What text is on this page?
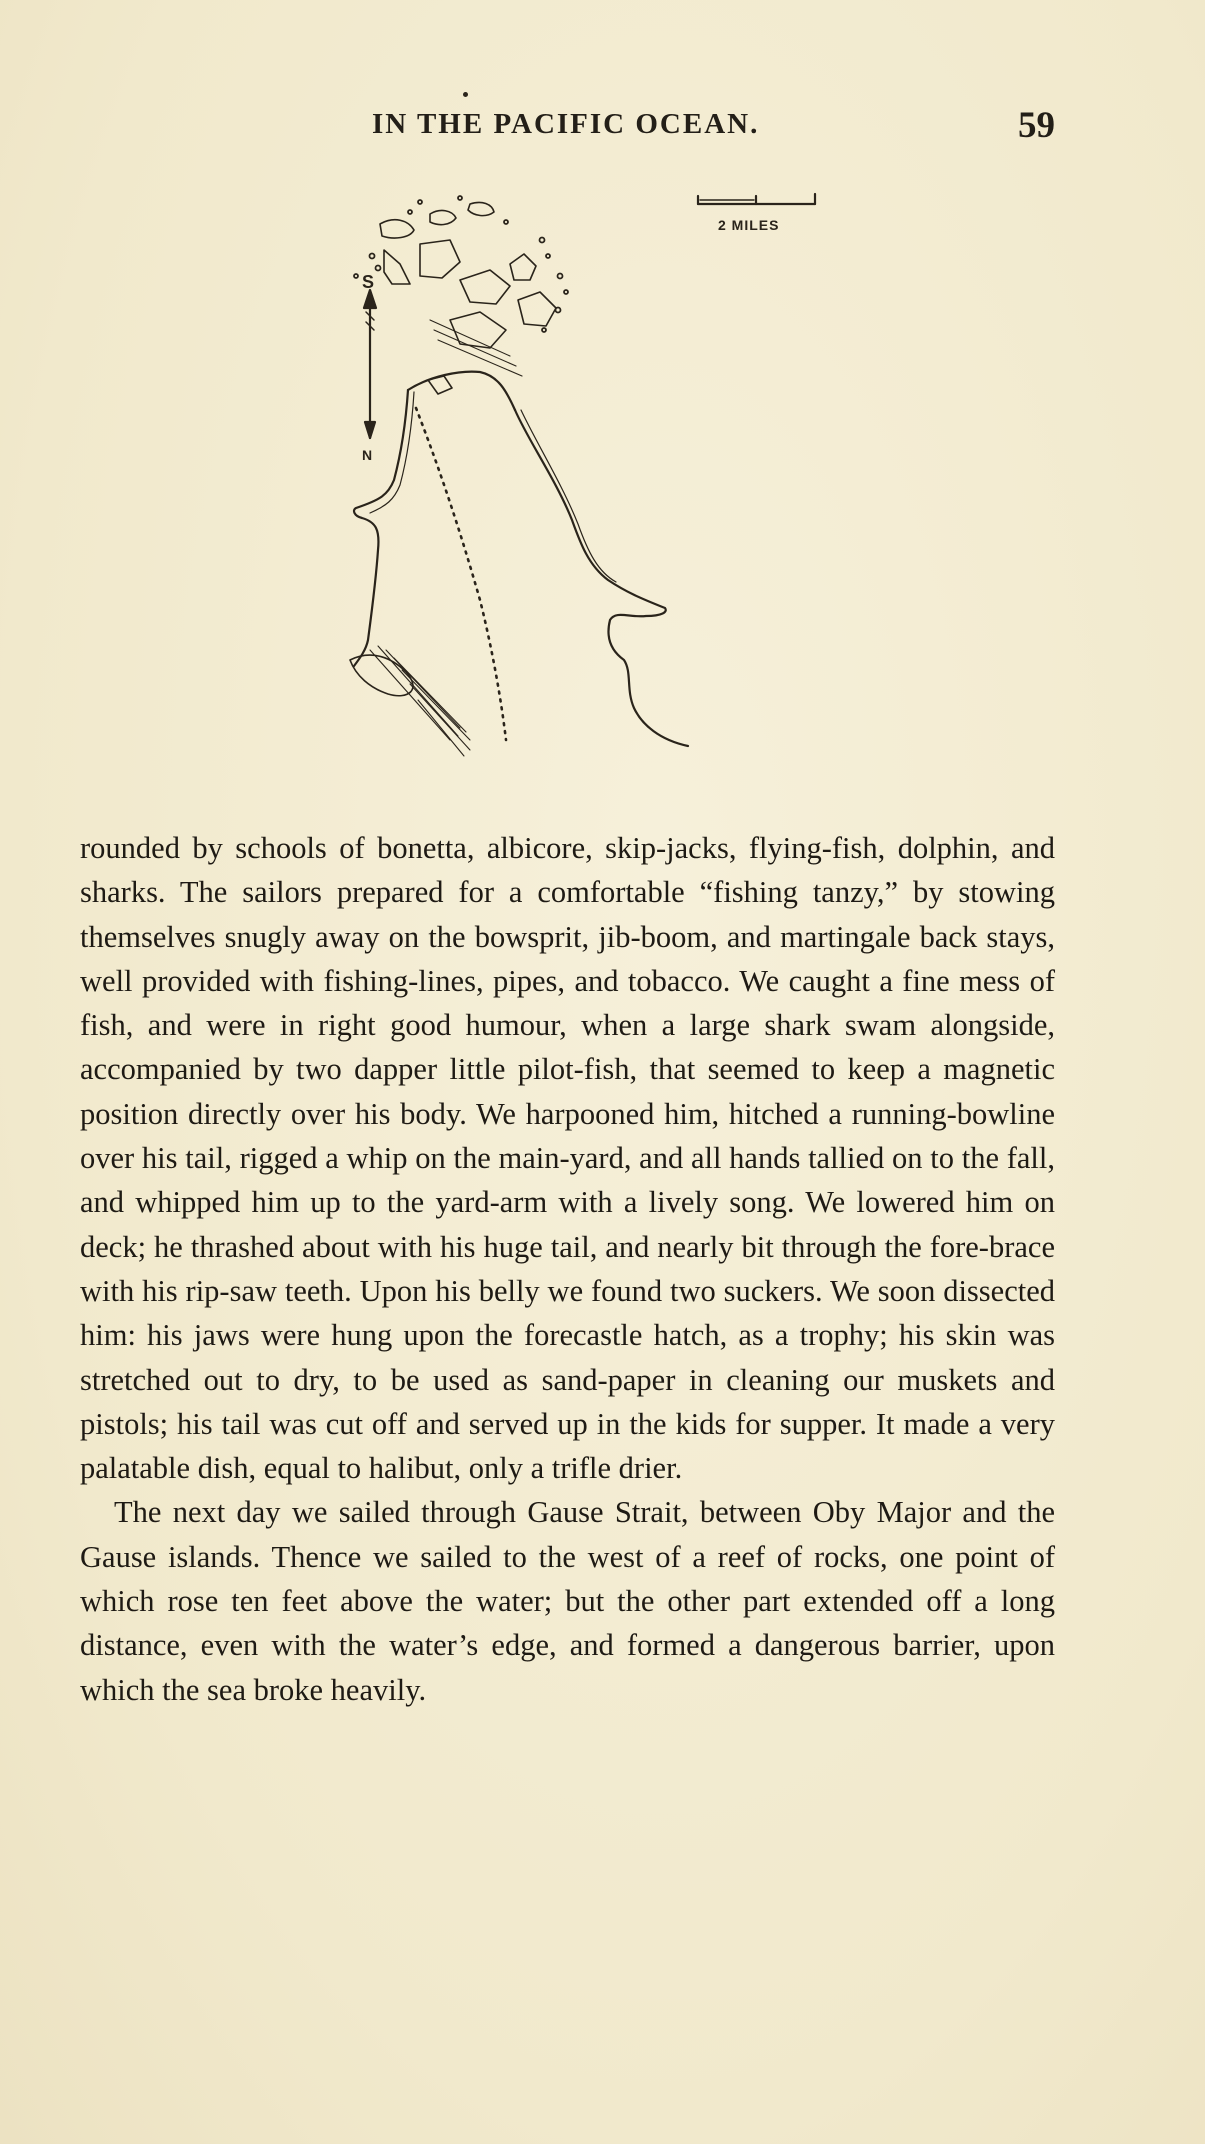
IN THE PACIFIC OCEAN.	59
2 MILES
S
N

rounded by schools of bonetta, albicore, skip-jacks, flying-fish, dolphin, and sharks. The sailors prepared for a comfortable “fishing tanzy,” by stowing themselves snugly away on the bowsprit, jib-boom, and martingale back stays, well provided with fishing-lines, pipes, and tobacco. We caught a fine mess of fish, and were in right good humour, when a large shark swam alongside, accompanied by two dapper little pilot-fish, that seemed to keep a magnetic position directly over his body. We harpooned him, hitched a running-bowline over his tail, rigged a whip on the main-yard, and all hands tallied on to the fall, and whipped him up to the yard-arm with a lively song. We lowered him on deck; he thrashed about with his huge tail, and nearly bit through the fore-brace with his rip-saw teeth. Upon his belly we found two suckers. We soon dissected him: his jaws were hung upon the forecastle hatch, as a trophy; his skin was stretched out to dry, to be used as sand-paper in cleaning our muskets and pistols; his tail was cut off and served up in the kids for supper. It made a very palatable dish, equal to halibut, only a trifle drier.

The next day we sailed through Gause Strait, between Oby Major and the Gause islands. Thence we sailed to the west of a reef of rocks, one point of which rose ten feet above the water; but the other part extended off a long distance, even with the water’s edge, and formed a dangerous barrier, upon which the sea broke heavily.
